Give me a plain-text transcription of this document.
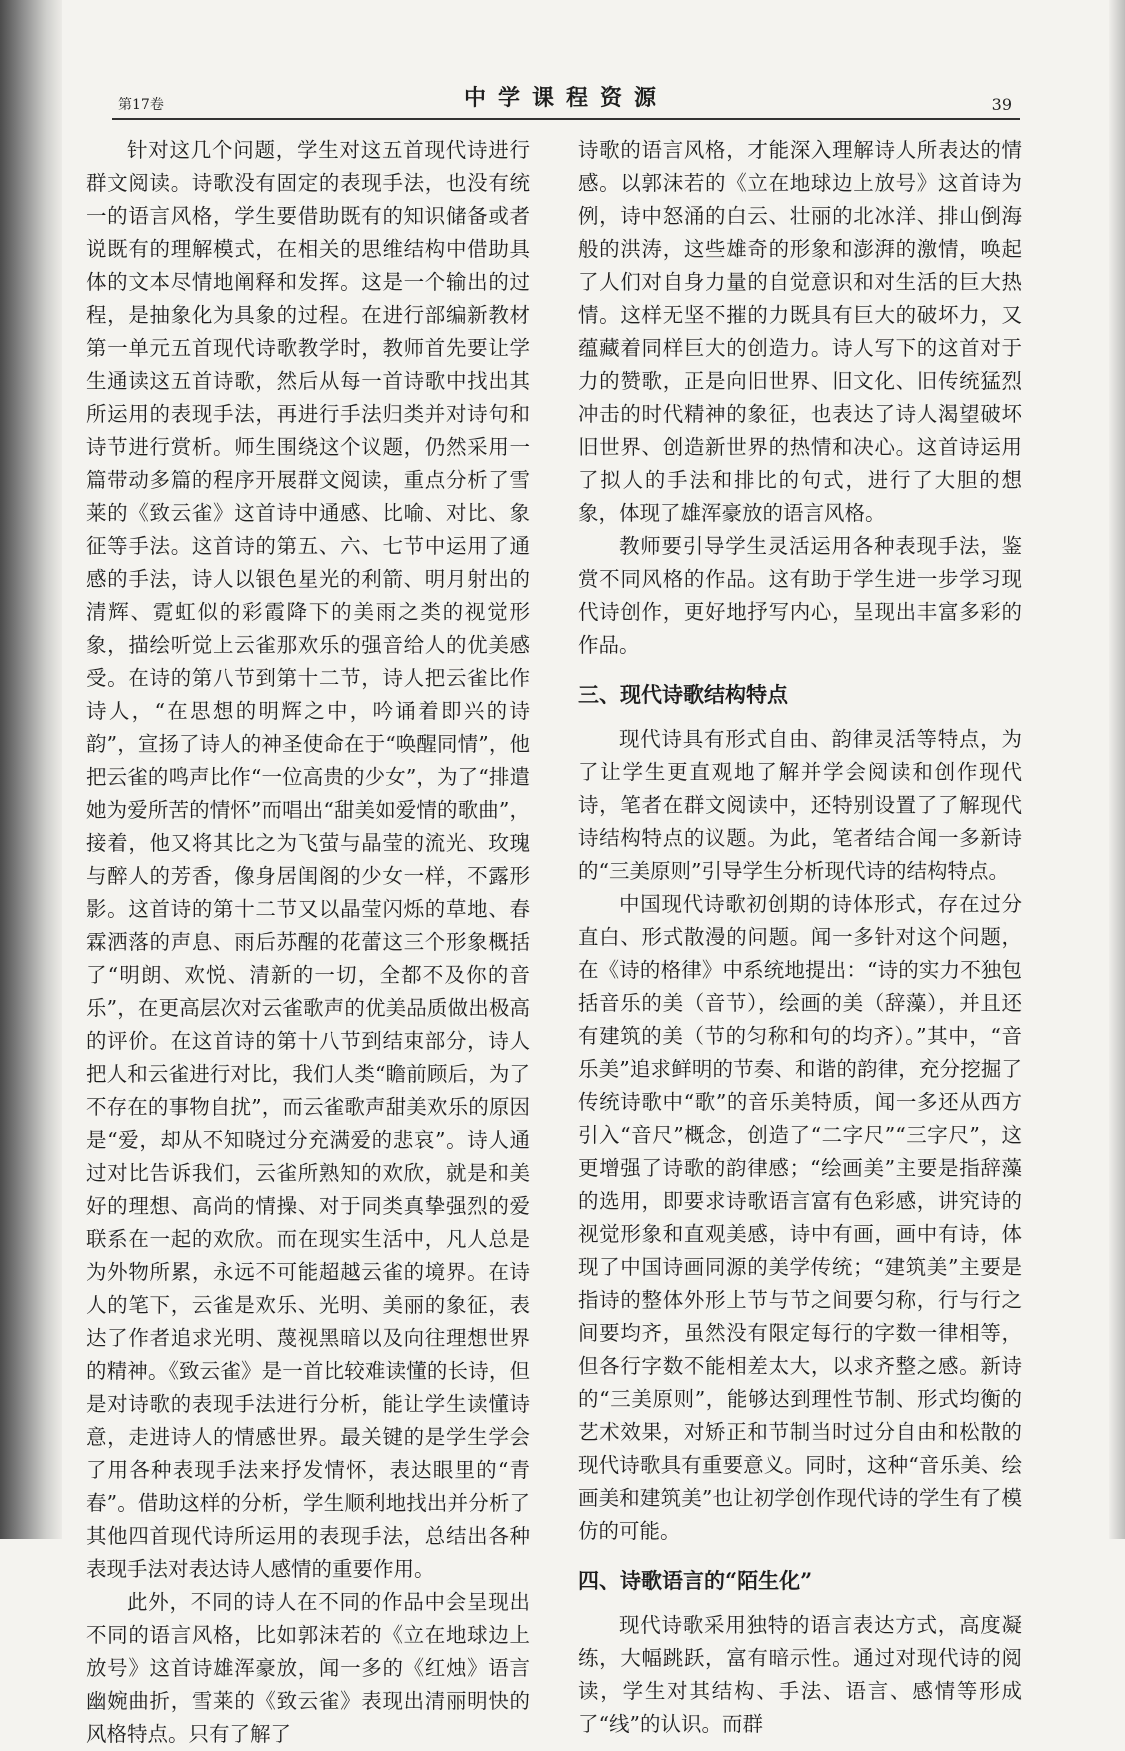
第17卷	中学课程资源	39

针对这几个问题，学生对这五首现代诗进行群文阅读。诗歌没有固定的表现手法，也没有统一的语言风格，学生要借助既有的知识储备或者说既有的理解模式，在相关的思维结构中借助具体的文本尽情地阐释和发挥。这是一个输出的过程，是抽象化为具象的过程。在进行部编新教材第一单元五首现代诗歌教学时，教师首先要让学生通读这五首诗歌，然后从每一首诗歌中找出其所运用的表现手法，再进行手法归类并对诗句和诗节进行赏析。师生围绕这个议题，仍然采用一篇带动多篇的程序开展群文阅读，重点分析了雪莱的《致云雀》这首诗中通感、比喻、对比、象征等手法。这首诗的第五、六、七节中运用了通感的手法，诗人以银色星光的利箭、明月射出的清辉、霓虹似的彩霞降下的美雨之类的视觉形象，描绘听觉上云雀那欢乐的强音给人的优美感受。在诗的第八节到第十二节，诗人把云雀比作诗人，“在思想的明辉之中，吟诵着即兴的诗韵”，宣扬了诗人的神圣使命在于“唤醒同情”，他把云雀的鸣声比作“一位高贵的少女”，为了“排遣她为爱所苦的情怀”而唱出“甜美如爱情的歌曲”，接着，他又将其比之为飞萤与晶莹的流光、玫瑰与醉人的芳香，像身居闺阁的少女一样，不露形影。这首诗的第十二节又以晶莹闪烁的草地、春霖洒落的声息、雨后苏醒的花蕾这三个形象概括了“明朗、欢悦、清新的一切，全都不及你的音乐”，在更高层次对云雀歌声的优美品质做出极高的评价。在这首诗的第十八节到结束部分，诗人把人和云雀进行对比，我们人类“瞻前顾后，为了不存在的事物自扰”，而云雀歌声甜美欢乐的原因是“爱，却从不知晓过分充满爱的悲哀”。诗人通过对比告诉我们，云雀所熟知的欢欣，就是和美好的理想、高尚的情操、对于同类真挚强烈的爱联系在一起的欢欣。而在现实生活中，凡人总是为外物所累，永远不可能超越云雀的境界。在诗人的笔下，云雀是欢乐、光明、美丽的象征，表达了作者追求光明、蔑视黑暗以及向往理想世界的精神。《致云雀》是一首比较难读懂的长诗，但是对诗歌的表现手法进行分析，能让学生读懂诗意，走进诗人的情感世界。最关键的是学生学会了用各种表现手法来抒发情怀，表达眼里的“青春”。借助这样的分析，学生顺利地找出并分析了其他四首现代诗所运用的表现手法，总结出各种表现手法对表达诗人感情的重要作用。

此外，不同的诗人在不同的作品中会呈现出不同的语言风格，比如郭沫若的《立在地球边上放号》这首诗雄浑豪放，闻一多的《红烛》语言幽婉曲折，雪莱的《致云雀》表现出清丽明快的风格特点。只有了解了

诗歌的语言风格，才能深入理解诗人所表达的情感。以郭沫若的《立在地球边上放号》这首诗为例，诗中怒涌的白云、壮丽的北冰洋、排山倒海般的洪涛，这些雄奇的形象和澎湃的激情，唤起了人们对自身力量的自觉意识和对生活的巨大热情。这样无坚不摧的力既具有巨大的破坏力，又蕴藏着同样巨大的创造力。诗人写下的这首对于力的赞歌，正是向旧世界、旧文化、旧传统猛烈冲击的时代精神的象征，也表达了诗人渴望破坏旧世界、创造新世界的热情和决心。这首诗运用了拟人的手法和排比的句式，进行了大胆的想象，体现了雄浑豪放的语言风格。

教师要引导学生灵活运用各种表现手法，鉴赏不同风格的作品。这有助于学生进一步学习现代诗创作，更好地抒写内心，呈现出丰富多彩的作品。

三、现代诗歌结构特点

现代诗具有形式自由、韵律灵活等特点，为了让学生更直观地了解并学会阅读和创作现代诗，笔者在群文阅读中，还特别设置了了解现代诗结构特点的议题。为此，笔者结合闻一多新诗的“三美原则”引导学生分析现代诗的结构特点。

中国现代诗歌初创期的诗体形式，存在过分直白、形式散漫的问题。闻一多针对这个问题，在《诗的格律》中系统地提出：“诗的实力不独包括音乐的美（音节），绘画的美（辞藻），并且还有建筑的美（节的匀称和句的均齐）。”其中，“音乐美”追求鲜明的节奏、和谐的韵律，充分挖掘了传统诗歌中“歌”的音乐美特质，闻一多还从西方引入“音尺”概念，创造了“二字尺”“三字尺”，这更增强了诗歌的韵律感；“绘画美”主要是指辞藻的选用，即要求诗歌语言富有色彩感，讲究诗的视觉形象和直观美感，诗中有画，画中有诗，体现了中国诗画同源的美学传统；“建筑美”主要是指诗的整体外形上节与节之间要匀称，行与行之间要均齐，虽然没有限定每行的字数一律相等，但各行字数不能相差太大，以求齐整之感。新诗的“三美原则”，能够达到理性节制、形式均衡的艺术效果，对矫正和节制当时过分自由和松散的现代诗歌具有重要意义。同时，这种“音乐美、绘画美和建筑美”也让初学创作现代诗的学生有了模仿的可能。

四、诗歌语言的“陌生化”

现代诗歌采用独特的语言表达方式，高度凝练，大幅跳跃，富有暗示性。通过对现代诗的阅读，学生对其结构、手法、语言、感情等形成了“线”的认识。而群
